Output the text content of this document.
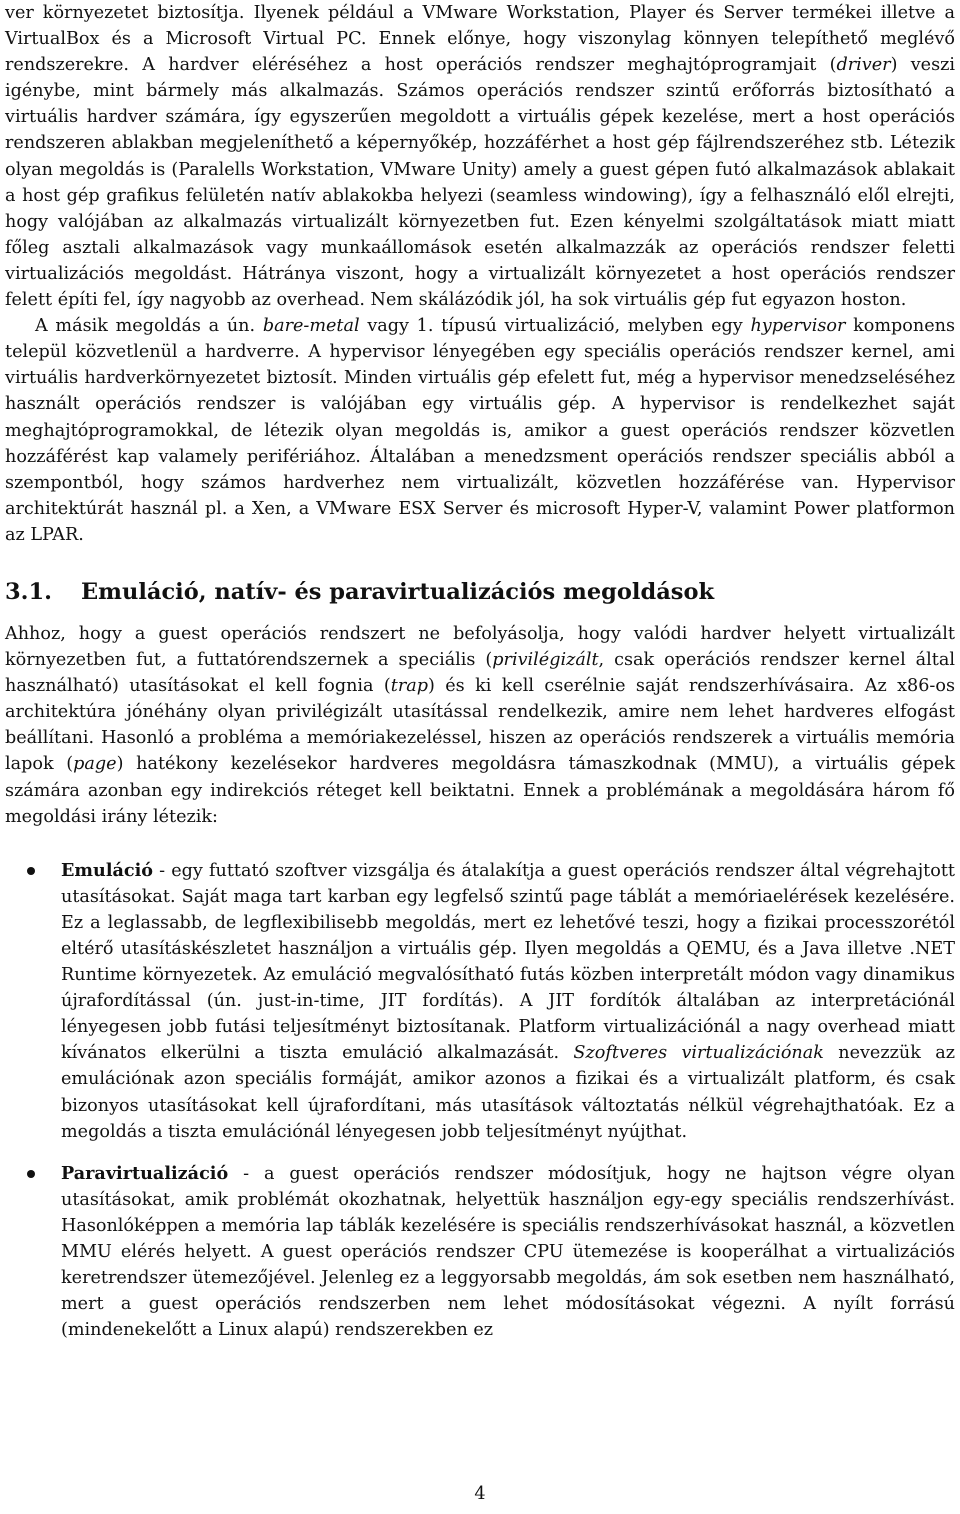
ver környezetet biztosítja. Ilyenek például a VMware Workstation, Player és Server termékei illetve a VirtualBox és a Microsoft Virtual PC. Ennek előnye, hogy viszonylag könnyen telepíthető meglévő rendszerekre. A hardver eléréséhez a host operációs rendszer meghajtóprogramjait (driver) veszi igénybe, mint bármely más alkalmazás. Számos operációs rendszer szintű erőforrás biztosítható a virtuális hardver számára, így egyszerűen megoldott a virtuális gépek kezelése, mert a host operációs rendszeren ablakban megjeleníthető a képernyőkép, hozzáférhet a host gép fájlrendszeréhez stb. Létezik olyan megoldás is (Paralells Workstation, VMware Unity) amely a guest gépen futó alkalmazások ablakait a host gép grafikus felületén natív ablakokba helyezi (seamless windowing), így a felhasználó elől elrejti, hogy valójában az alkalmazás virtualizált környezetben fut. Ezen kényelmi szolgáltatások miatt miatt főleg asztali alkalmazások vagy munkaállomások esetén alkalmazzák az operációs rendszer feletti virtualizációs megoldást. Hátránya viszont, hogy a virtualizált környezetet a host operációs rendszer felett építi fel, így nagyobb az overhead. Nem skálázódik jól, ha sok virtuális gép fut egyazon hoston.

A másik megoldás a ún. bare-metal vagy 1. típusú virtualizáció, melyben egy hypervisor komponens települ közvetlenül a hardverre. A hypervisor lényegében egy speciális operációs rendszer kernel, ami virtuális hardverkörnyezetet biztosít. Minden virtuális gép efelett fut, még a hypervisor menedzseléséhez használt operációs rendszer is valójában egy virtuális gép. A hypervisor is rendelkezhet saját meghajtóprogramokkal, de létezik olyan megoldás is, amikor a guest operációs rendszer közvetlen hozzáférést kap valamely perifériához. Általában a menedzsment operációs rendszer speciális abból a szempontból, hogy számos hardverhez nem virtualizált, közvetlen hozzáférése van. Hypervisor architektúrát használ pl. a Xen, a VMware ESX Server és microsoft Hyper-V, valamint Power platformon az LPAR.

3.1. Emuláció, natív- és paravirtualizációs megoldások

Ahhoz, hogy a guest operációs rendszert ne befolyásolja, hogy valódi hardver helyett virtualizált környezetben fut, a futtatórendszernek a speciális (privilégizált, csak operációs rendszer kernel által használható) utasításokat el kell fognia (trap) és ki kell cserélnie saját rendszerhívásaira. Az x86-os architektúra jónéhány olyan privilégizált utasítással rendelkezik, amire nem lehet hardveres elfogást beállítani. Hasonló a probléma a memóriakezeléssel, hiszen az operációs rendszerek a virtuális memória lapok (page) hatékony kezelésekor hardveres megoldásra támaszkodnak (MMU), a virtuális gépek számára azonban egy indirekciós réteget kell beiktatni. Ennek a problémának a megoldására három fő megoldási irány létezik:

Emuláció - egy futtató szoftver vizsgálja és átalakítja a guest operációs rendszer által végrehajtott utasításokat. Saját maga tart karban egy legfelső szintű page táblát a memóriaelérések kezelésére. Ez a leglassabb, de legflexibilisebb megoldás, mert ez lehetővé teszi, hogy a fizikai processzorétól eltérő utasításkészletet használjon a virtuális gép. Ilyen megoldás a QEMU, és a Java illetve .NET Runtime környezetek. Az emuláció megvalósítható futás közben interpretált módon vagy dinamikus újrafordítással (ún. just-in-time, JIT fordítás). A JIT fordítók általában az interpretációnál lényegesen jobb futási teljesítményt biztosítanak. Platform virtualizációnál a nagy overhead miatt kívánatos elkerülni a tiszta emuláció alkalmazását. Szoftveres virtualizációnak nevezzük az emulációnak azon speciális formáját, amikor azonos a fizikai és a virtualizált platform, és csak bizonyos utasításokat kell újrafordítani, más utasítások változtatás nélkül végrehajthatóak. Ez a megoldás a tiszta emulációnál lényegesen jobb teljesítményt nyújthat.

Paravirtualizáció - a guest operációs rendszer módosítjuk, hogy ne hajtson végre olyan utasításokat, amik problémát okozhatnak, helyettük használjon egy-egy speciális rendszerhívást. Hasonlóképpen a memória lap táblák kezelésére is speciális rendszerhívásokat használ, a közvetlen MMU elérés helyett. A guest operációs rendszer CPU ütemezése is kooperálhat a virtualizációs keretrendszer ütemezőjével. Jelenleg ez a leggyorsabb megoldás, ám sok esetben nem használható, mert a guest operációs rendszerben nem lehet módosításokat végezni. A nyílt forrású (mindenekelőtt a Linux alapú) rendszerekben ez

4
